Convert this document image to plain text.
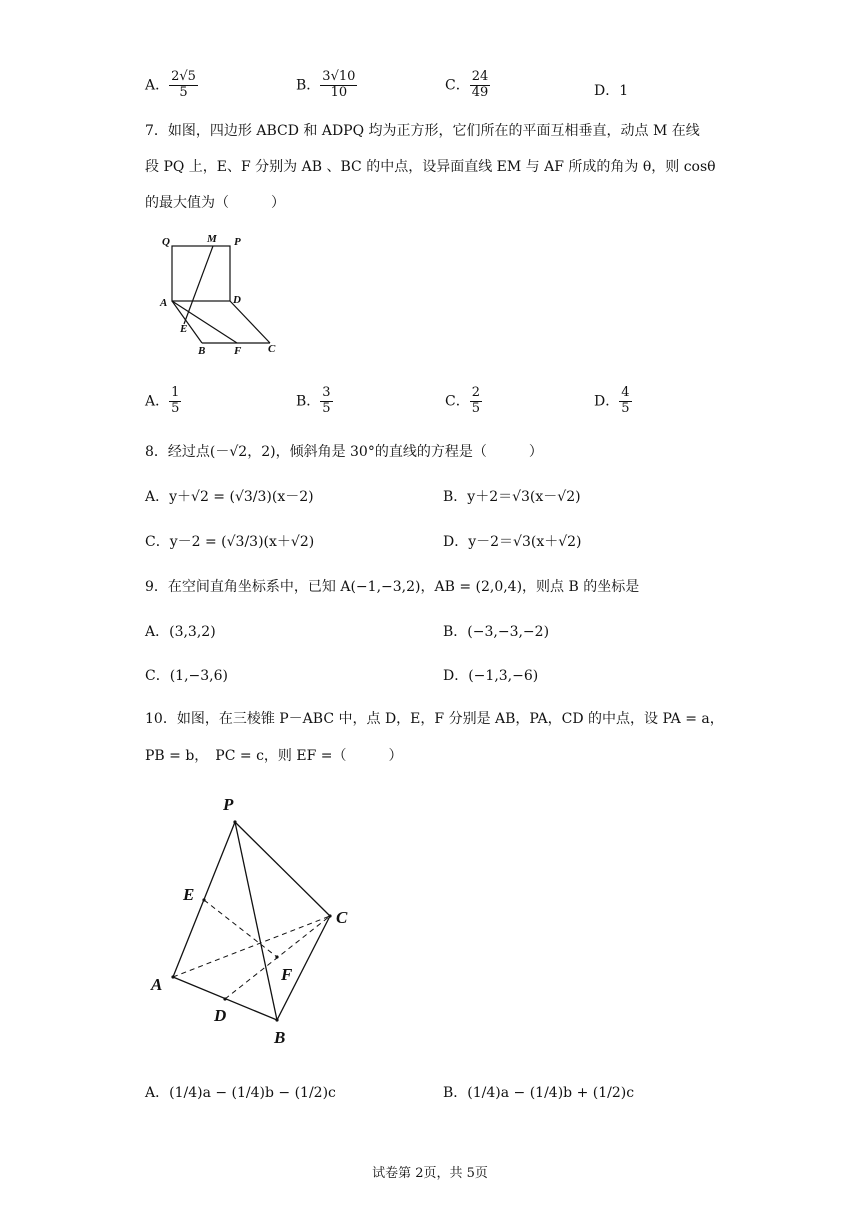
A． $\frac{2√5}{5}$	B． $\frac{3√10}{10}$	C． $\frac{24}{49}$	D．1
7．如图，四边形 ABCD 和 ADPQ 均为正方形，它们所在的平面互相垂直，动点 M 在线
段 PQ 上，E、F 分别为 AB 、BC 的中点，设异面直线 EM 与 AF 所成的角为 θ，则 cosθ
的最大值为（　　　）
Q	M P
A	D
E
B	F C
A． $\frac{1}{5}$	B． $\frac{3}{5}$	C． $\frac{2}{5}$	D． $\frac{4}{5}$
8．经过点(－√2，2)，倾斜角是 30°的直线的方程是（　　　）
A．y＋√2 = (√3/3)(x－2)	B．y＋2＝√3(x－√2)
C．y－2 = (√3/3)(x＋√2)	D．y－2＝√3(x＋√2)
9．在空间直角坐标系中，已知 A(−1,−3,2)，AB = (2,0,4)，则点 B 的坐标是
A．(3,3,2)	B．(−3,−3,−2)
C．(1,−3,6)	D．(−1,3,−6)
10．如图，在三棱锥 P－ABC 中，点 D，E，F 分别是 AB，PA，CD 的中点，设 PA = a，
PB = b，　PC = c，则 EF =（　　　）
P
E
C
F
A
D
B
A．(1/4)a − (1/4)b − (1/2)c	B．(1/4)a − (1/4)b + (1/2)c
试卷第 2页，共 5页
